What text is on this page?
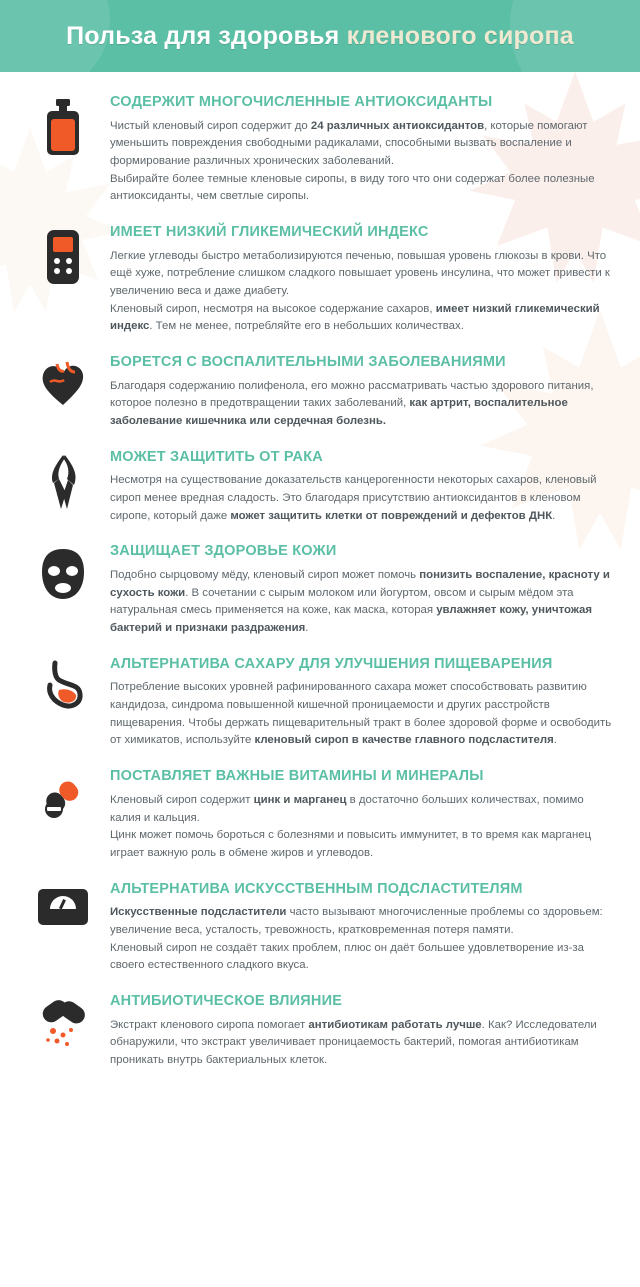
Польза для здоровья кленового сиропа
СОДЕРЖИТ МНОГОЧИСЛЕННЫЕ АНТИОКСИДАНТЫ

Чистый кленовый сироп содержит до 24 различных антиоксидантов, которые помогают уменьшить повреждения свободными радикалами, способными вызвать воспаление и формирование различных хронических заболеваний.
Выбирайте более темные кленовые сиропы, в виду того что они содержат более полезные антиоксиданты, чем светлые сиропы.

ИМЕЕТ НИЗКИЙ ГЛИКЕМИЧЕСКИЙ ИНДЕКС

Легкие углеводы быстро метаболизируются печенью, повышая уровень глюкозы в крови. Что ещё хуже, потребление слишком сладкого повышает уровень инсулина, что может привести к увеличению веса и даже диабету.
Кленовый сироп, несмотря на высокое содержание сахаров, имеет низкий гликемический индекс. Тем не менее, потребляйте его в небольших количествах.

БОРЕТСЯ С ВОСПАЛИТЕЛЬНЫМИ ЗАБОЛЕВАНИЯМИ

Благодаря содержанию полифенола, его можно рассматривать частью здорового питания, которое полезно в предотвращении таких заболеваний, как артрит, воспалительное заболевание кишечника или сердечная болезнь.

МОЖЕТ ЗАЩИТИТЬ ОТ РАКА

Несмотря на существование доказательств канцерогенности некоторых сахаров, кленовый сироп менее вредная сладость. Это благодаря присутствию антиоксидантов в кленовом сиропе, который даже может защитить клетки от повреждений и дефектов ДНК.

ЗАЩИЩАЕТ ЗДОРОВЬЕ КОЖИ

Подобно сырцовому мёду, кленовый сироп может помочь понизить воспаление, красноту и сухость кожи. В сочетании с сырым молоком или йогуртом, овсом и сырым мёдом эта натуральная смесь применяется на коже, как маска, которая увлажняет кожу, уничтожая бактерий и признаки раздражения.

АЛЬТЕРНАТИВА САХАРУ ДЛЯ УЛУЧШЕНИЯ ПИЩЕВАРЕНИЯ

Потребление высоких уровней рафинированного сахара может способствовать развитию кандидоза, синдрома повышенной кишечной проницаемости и других расстройств пищеварения. Чтобы держать пищеварительный тракт в более здоровой форме и освободить от химикатов, используйте кленовый сироп в качестве главного подсластителя.

ПОСТАВЛЯЕТ ВАЖНЫЕ ВИТАМИНЫ И МИНЕРАЛЫ

Кленовый сироп содержит цинк и марганец в достаточно больших количествах, помимо калия и кальция.
Цинк может помочь бороться с болезнями и повысить иммунитет, в то время как марганец играет важную роль в обмене жиров и углеводов.

АЛЬТЕРНАТИВА ИСКУССТВЕННЫМ ПОДСЛАСТИТЕЛЯМ

Искусственные подсластители часто вызывают многочисленные проблемы со здоровьем: увеличение веса, усталость, тревожность, кратковременная потеря памяти.
Кленовый сироп не создаёт таких проблем, плюс он даёт большее удовлетворение из-за своего естественного сладкого вкуса.

АНТИБИОТИЧЕСКОЕ ВЛИЯНИЕ

Экстракт кленового сиропа помогает антибиотикам работать лучше. Как? Исследователи обнаружили, что экстракт увеличивает проницаемость бактерий, помогая антибиотикам проникать внутрь бактериальных клеток.
